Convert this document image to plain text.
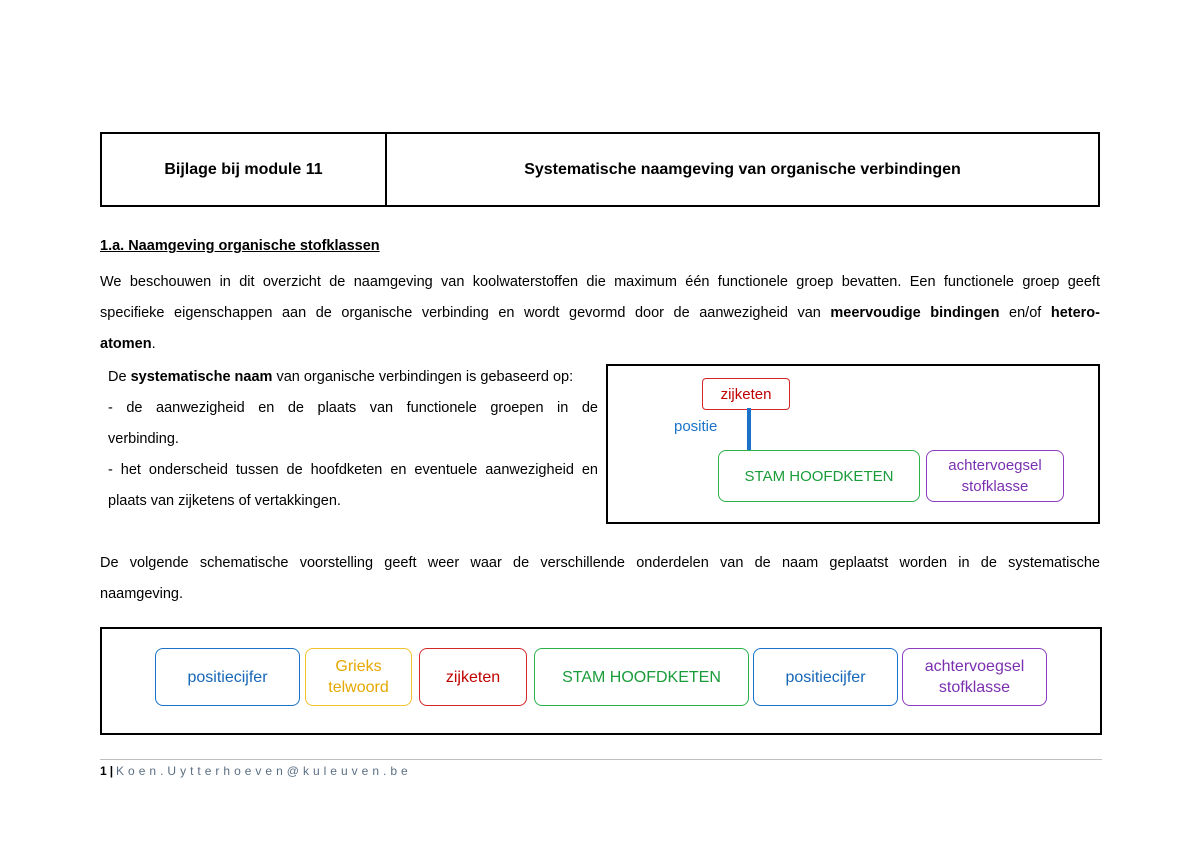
Bijlage bij module 11	Systematische naamgeving van organische verbindingen
1.a. Naamgeving organische stofklassen
We beschouwen in dit overzicht de naamgeving van koolwaterstoffen die maximum één functionele groep bevatten. Een functionele groep geeft
specifieke eigenschappen aan de organische verbinding en wordt gevormd door de aanwezigheid van meervoudige bindingen en/of hetero-
atomen.
De systematische naam van organische verbindingen is gebaseerd op:
- de aanwezigheid en de plaats van functionele groepen in de
verbinding.
- het onderscheid tussen de hoofdketen en eventuele aanwezigheid en
plaats van zijketens of vertakkingen.
zijketen
positie
STAM HOOFDKETEN
achtervoegsel
stofklasse
De volgende schematische voorstelling geeft weer waar de verschillende onderdelen van de naam geplaatst worden in de systematische
naamgeving.
positiecijfer
Grieks
telwoord
zijketen	STAM HOOFDKETEN	positiecijfer
achtervoegsel
stofklasse
1 | Koen.Uytterhoeven@kuleuven.be
